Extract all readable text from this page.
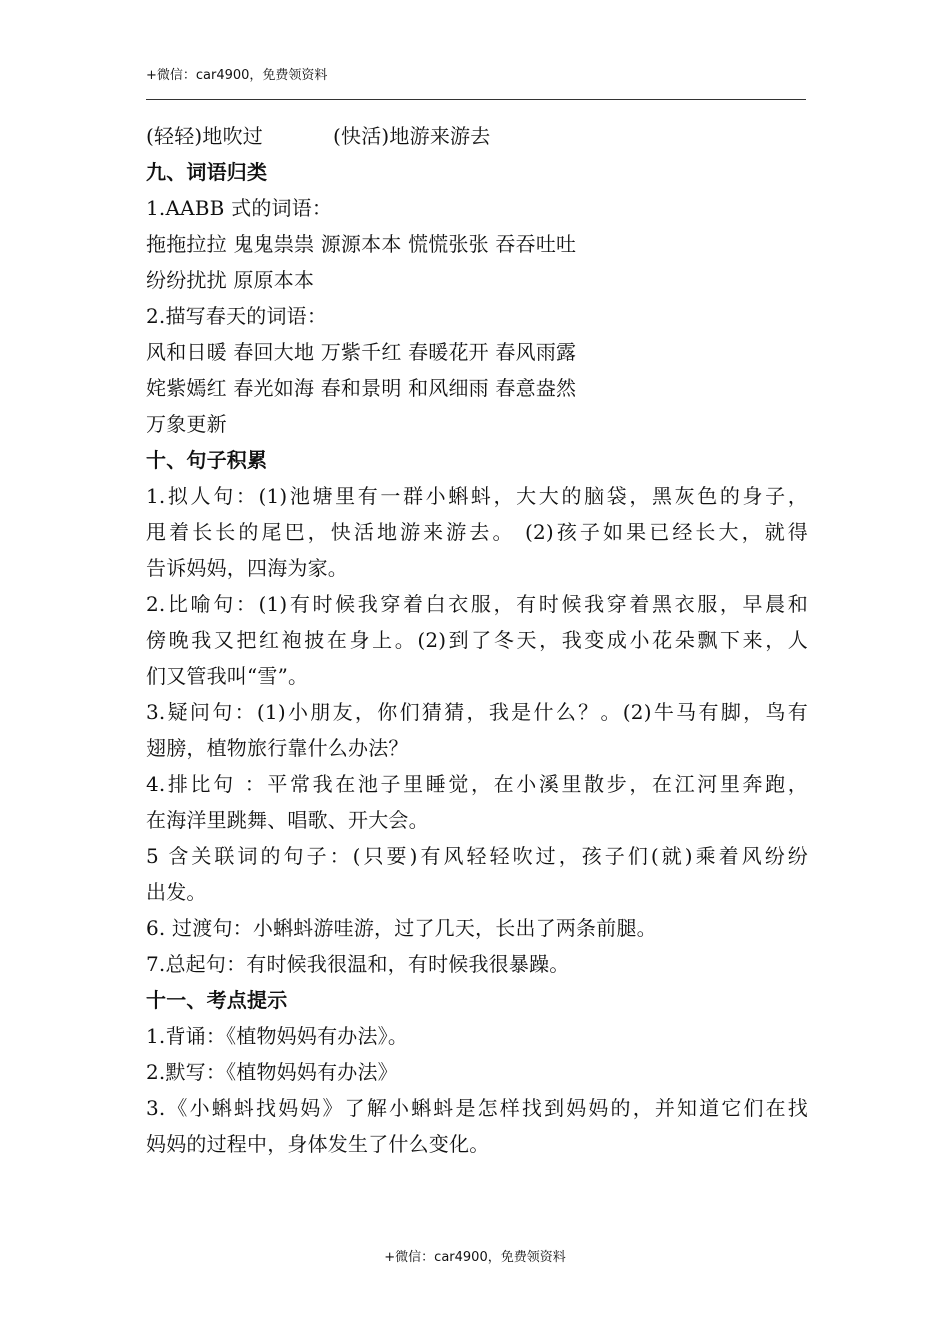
+微信：car4900，免费领资料
(轻轻)地吹过	(快活)地游来游去
九、词语归类
1.AABB 式的词语：
拖拖拉拉 鬼鬼祟祟 源源本本 慌慌张张 吞吞吐吐
纷纷扰扰 原原本本
2.描写春天的词语：
风和日暖 春回大地 万紫千红 春暖花开 春风雨露
姹紫嫣红 春光如海 春和景明 和风细雨 春意盎然
万象更新
十、句子积累
1.拟人句：(1)池塘里有一群小蝌蚪，大大的脑袋，黑灰色的身子，
甩着长长的尾巴，快活地游来游去。 (2)孩子如果已经长大，就得
告诉妈妈，四海为家。
2.比喻句：(1)有时候我穿着白衣服，有时候我穿着黑衣服，早晨和
傍晚我又把红袍披在身上。(2)到了冬天，我变成小花朵飘下来，人
们又管我叫“雪”。
3.疑问句：(1)小朋友，你们猜猜，我是什么？。(2)牛马有脚，鸟有
翅膀，植物旅行靠什么办法？
4.排比句 ：平常我在池子里睡觉，在小溪里散步，在江河里奔跑，
在海洋里跳舞、唱歌、开大会。
5 含关联词的句子：(只要)有风轻轻吹过，孩子们(就)乘着风纷纷
出发。
6. 过渡句：小蝌蚪游哇游，过了几天，长出了两条前腿。
7.总起句：有时候我很温和，有时候我很暴躁。
十一、考点提示
1.背诵：《植物妈妈有办法》。
2.默写：《植物妈妈有办法》
3.《小蝌蚪找妈妈》了解小蝌蚪是怎样找到妈妈的，并知道它们在找
妈妈的过程中，身体发生了什么变化。
+微信：car4900，免费领资料
